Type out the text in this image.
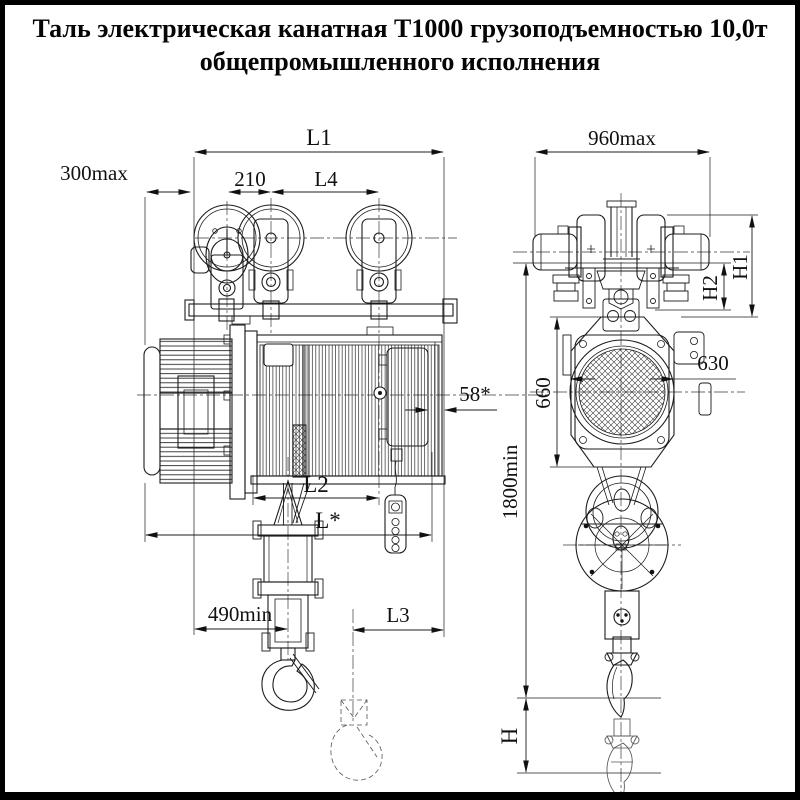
Таль электрическая канатная Т1000 грузоподъемностью 10,0т
общепромышленного исполнения
L1
300max	210 L4
58*
L2
L*
490min	L3
960max
H1
H2
630
660
1800min
H
